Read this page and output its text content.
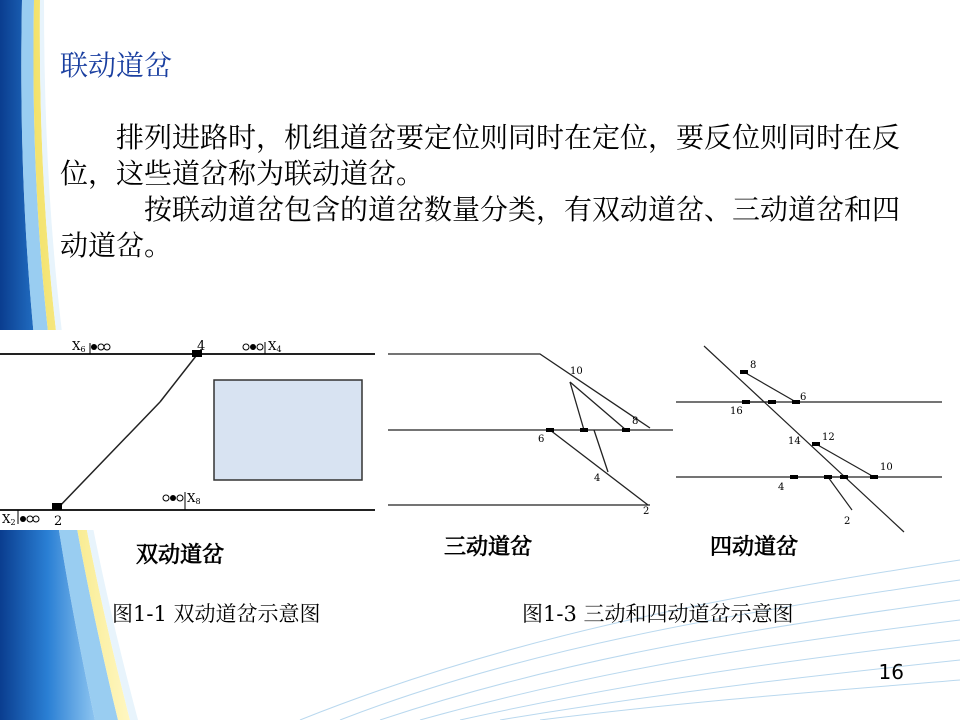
联动道岔
排列进路时，机组道岔要定位则同时在定位，要反位则同时在反位，这些道岔称为联动道岔。
按联动道岔包含的道岔数量分类，有双动道岔、三动道岔和四动道岔。
4
2
X6	X4
X8
X2
双动道岔
10
8
6
4
2
三动道岔
8
6
16
14 12
10
4
2
四动道岔
图1-1 双动道岔示意图	图1-3 三动和四动道岔示意图
16
